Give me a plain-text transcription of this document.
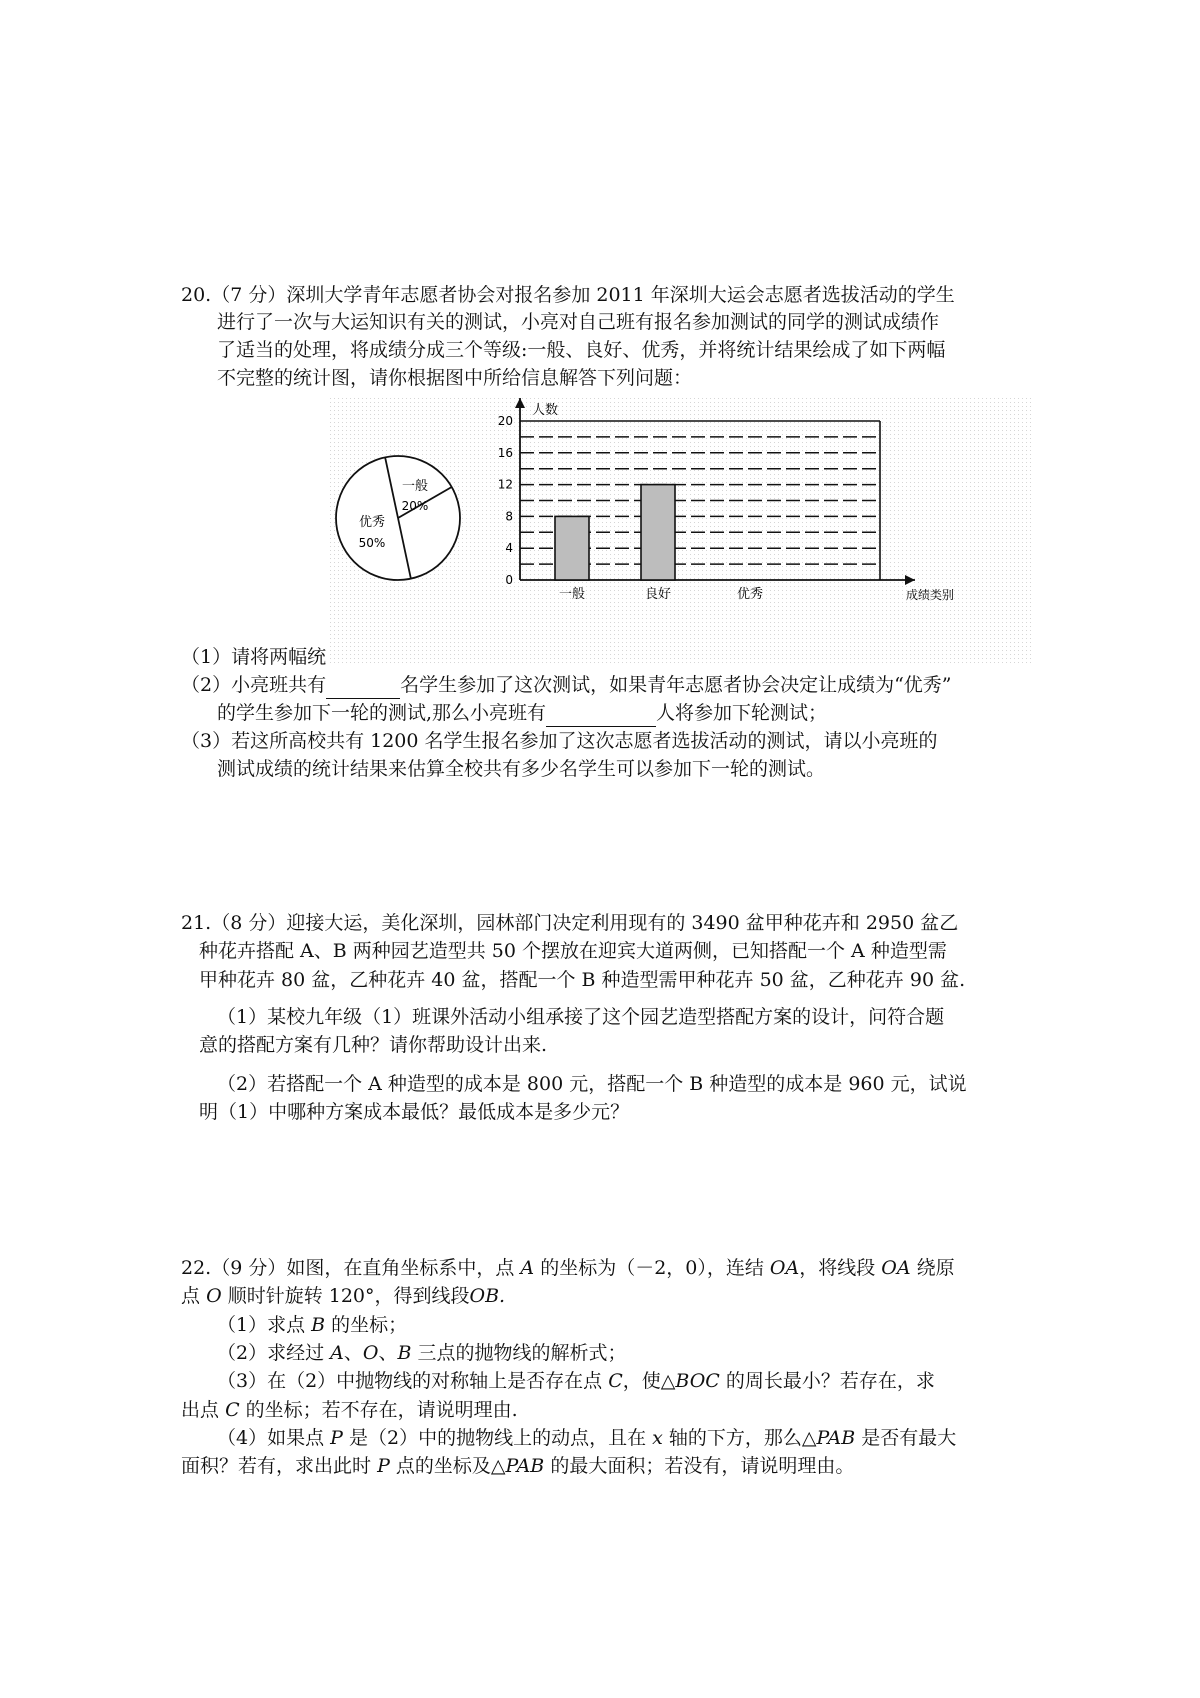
20.（7 分）深圳大学青年志愿者协会对报名参加 2011 年深圳大运会志愿者选拔活动的学生
进行了一次与大运知识有关的测试，小亮对自己班有报名参加测试的同学的测试成绩作
了适当的处理，将成绩分成三个等级:一般、良好、优秀，并将统计结果绘成了如下两幅
不完整的统计图，请你根据图中所给信息解答下列问题：
一般
20%
优秀
50%
人数
成绩类别
0
4
8
12
16
20
一般	良好	优秀
（1）请将两幅统
（2）小亮班共有	名学生参加了这次测试，如果青年志愿者协会决定让成绩为“优秀”
的学生参加下一轮的测试,那么小亮班有	人将参加下轮测试；
（3）若这所高校共有 1200 名学生报名参加了这次志愿者选拔活动的测试，请以小亮班的
测试成绩的统计结果来估算全校共有多少名学生可以参加下一轮的测试。
21.（8 分）迎接大运，美化深圳，园林部门决定利用现有的 3490 盆甲种花卉和 2950 盆乙
种花卉搭配 A、B 两种园艺造型共 50 个摆放在迎宾大道两侧，已知搭配一个 A 种造型需
甲种花卉 80 盆，乙种花卉 40 盆，搭配一个 B 种造型需甲种花卉 50 盆，乙种花卉 90 盆.
（1）某校九年级（1）班课外活动小组承接了这个园艺造型搭配方案的设计，问符合题
意的搭配方案有几种？请你帮助设计出来.
（2）若搭配一个 A 种造型的成本是 800 元，搭配一个 B 种造型的成本是 960 元，试说
明（1）中哪种方案成本最低？最低成本是多少元？
22.（9 分）如图，在直角坐标系中，点 A 的坐标为（－2，0），连结 OA，将线段 OA 绕原
点 O 顺时针旋转 120°，得到线段OB.
（1）求点 B 的坐标；
（2）求经过 A、O、B 三点的抛物线的解析式；
（3）在（2）中抛物线的对称轴上是否存在点 C，使△BOC 的周长最小？若存在，求
出点 C 的坐标；若不存在，请说明理由.
（4）如果点 P 是（2）中的抛物线上的动点，且在 x 轴的下方，那么△PAB 是否有最大
面积？若有，求出此时 P 点的坐标及△PAB 的最大面积；若没有，请说明理由。
